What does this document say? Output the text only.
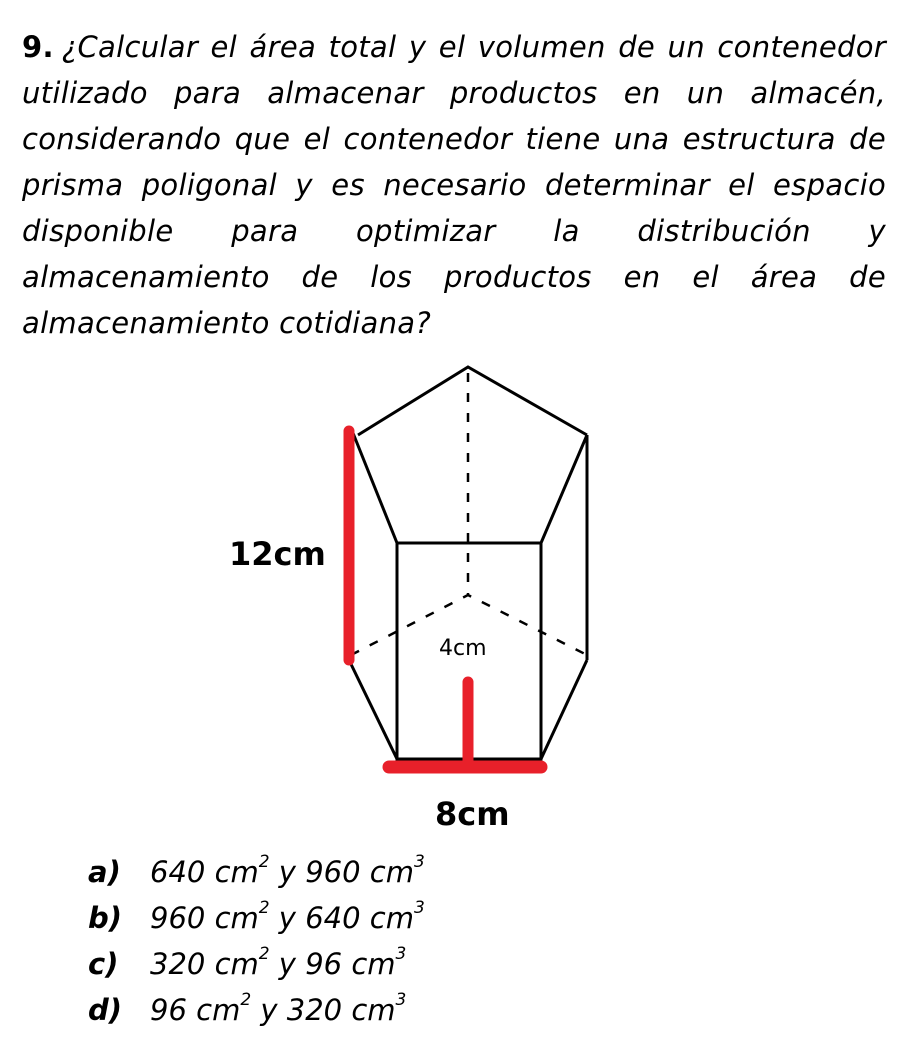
9. ¿Calcular el área total y el volumen de un contenedor utilizado para almacenar productos en un almacén, considerando que el contenedor tiene una estructura de prisma poligonal y es necesario determinar el espacio disponible para optimizar la distribución y almacenamiento de los productos en el área de almacenamiento cotidiana?
12cm
4cm
8cm
a) 640 $cm^2$ y 960 $cm^3$
b) 960 $cm^2$ y 640 $cm^3$
c) 320 $cm^2$ y 96 $cm^3$
d) 96 $cm^2$ y 320 $cm^3$
